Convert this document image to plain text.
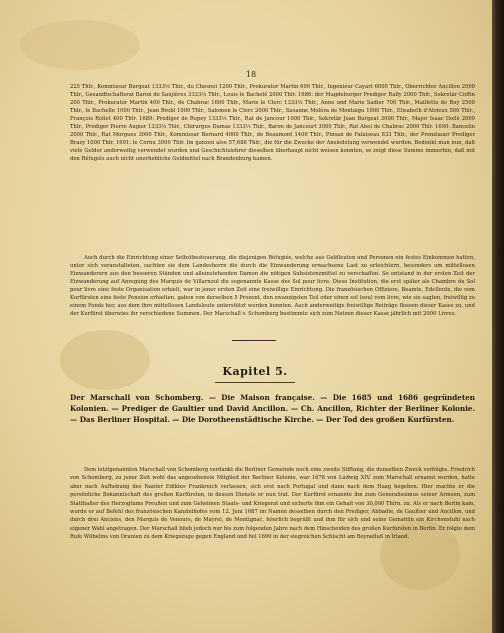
18
225 Thlr., Kommissar Burgeat 1333⅓ Thlr., du Chesnoi 1200 Thlr., Prokurator Martin 600 Thlr., Ingenieur Cayart 6000 Thlr., Oberrichter Ancillon 2000 Thlr., Gesandtschaftsrat Baron de Saujières 3333⅓ Thlr., Louis le Bachelé 2000 Thlr. 1686: der Magdeburger Prediger Rally 2000 Thlr., Sekretär Coffin 200 Thlr., Prokurator Martin 400 Thlr., de Chabrac 1600 Thlr., Marie le Clerc 1333⅓ Thlr., Anne und Marie Sadier 700 Thlr., Maillette de Buy 2500 Thlr., le Bachelle 1000 Thlr., Jean Brebl 1000 Thlr., Salomon le Clerc 2000 Thlr., Susanne Moléra de Montaigu 1000 Thlr., Elisabeth d'Atrieux 500 Thlr., François Rollet 400 Thlr. 1689: Prediger de Repey 1333⅓ Thlr., Rat de Jancour 1000 Thlr., Sekretär Jean Burgeat 3000 Thlr., Major Isaac Dollé 2000 Thlr., Prediger Pierre Augier 1333⅓ Thlr., Chirurgus Dumas 1333⅓ Thlr., Baron de Jancourt 3000 Thlr., Rat Abel de Chabrac 2000 Thlr. 1690: Bancelin 2000 Thlr., Rat Morgues 3000 Thlr., Kommissar Bernard 4000 Thlr., de Beaumont 1400 Thlr., Pinsan de Falaiseau 833 Thlr., der Prenzlauer Prediger Brazy 1000 Thlr. 1691: le Cornu 3000 Thlr. Im ganzen also 57,688 Thlr., die für die Zwecke der Ansiedelung verwendet wurden. Bedenkt man nun, daß viele Gelder anderweitig verwendet wurden und Geschichtslehrer dieselben überhaupt nicht weisen konnten, so zeigt diese Summe immerhin, daß mit den Réfugiés auch nicht unerhebliche Geldmittel nach Brandenburg kamen.
Auch durch die Einrichtung einer Selbstbesteuerung, die diejenigen Réfugiés, welche aus Geldleuten und Personen ein festes Einkommen hatten, unter sich veranstalteten, suchten sie dem Landesherrn die durch die Einwanderung erwachsene Last zu erleichtern, besonders um mittellosen Einwanderern aus den besseren Ständen und alleinstehenden Damen die nötigen Subsistenzmittel zu verschaffen. So entstand in der ersten Zeit der Einwanderung auf Anregung des Marquis de Villarnoul die sogenannte Kasse des Sol pour livre. Diese Institution, die erst später als Chambre du Sol pour livre eine feste Organisation erhielt, war in jener ersten Zeit eine freiwillige Einrichtung. Die französischen Offiziere, Beamte, Edelleute, die vom Kurfürsten eine feste Pension erhielten, gaben von derselben 5 Prozent, den zwanzigsten Teil oder einen sol (sou) vom livre, wie sie sagten, freiwillig zu einem Fonds her, aus dem ihre mittellosen Landsleute unterstützt werden konnten. Auch anderweitige freiwillige Beiträge flossen dieser Kasse zu, und der Kurfürst überwies ihr verschiedene Summen. Der Marschall v. Schomberg bestimmte sich zum Nutzen dieser Kasse jährlich mit 2000 Livres.
Kapitel 5.
Der Marschall von Schomberg. — Die Maison française. — Die 1685 und 1686 gegründeten Kolonien. — Prediger de Gaultier und David Ancillon. — Ch. Ancillon, Richter der Berliner Kolonie. — Das Berliner Hospital. — Die Dorotheenstädtische Kirche. — Der Tod des großen Kurfürsten.
Dem letztgenannten Marschall von Schomberg verdankt die Berliner Gemeinde noch eine zweite Stiftung, die denselben Zweck verfolgte. Friedrich von Schomberg, zu jener Zeit wohl das angesehenste Mitglied der Berliner Kolonie, war 1678 von Ludwig XIV. zum Marschall ernannt worden, hatte aber nach Aufhebung des Nanter Ediktes Frankreich verlassen, sich erst nach Portugal und dann nach dem Haag begeben. Hier machte er die persönliche Bekanntschaft des großen Kurfürsten, in dessen Dienste er nun trat. Der Kurfürst ernannte ihn zum Generalissimus seiner Armeen, zum Statthalter des Herzogtums Preußen und zum Geheimen Staats- und Kriegsrat und sicherte ihm ein Gehalt von 30,000 Thlrn. zu. Als er nach Berlin kam, wurde er auf Befehl des französischen Kanzleihofes vom 12. Juni 1687 im Namen desselben durch den Prediger, Abbadie, de Gaultier und Ancillon, und durch drei Anciens, den Marquis de Venours, de Mayrel, de Montignac, feierlich begrüßt und ihm für sich und seine Gemahlin ein Kirchenstuhl nach eigener Wahl angetragen. Der Marschall blieb jedoch nur bis zum folgenden Jahre nach dem Hinscheiden des großen Kurfürsten in Berlin. Er folgte dem Rufe Wilhelms von Oranien zu dem Kriegszuge gegen England und fiel 1690 in der siegreichen Schlacht am Boynefluß in Irland.
